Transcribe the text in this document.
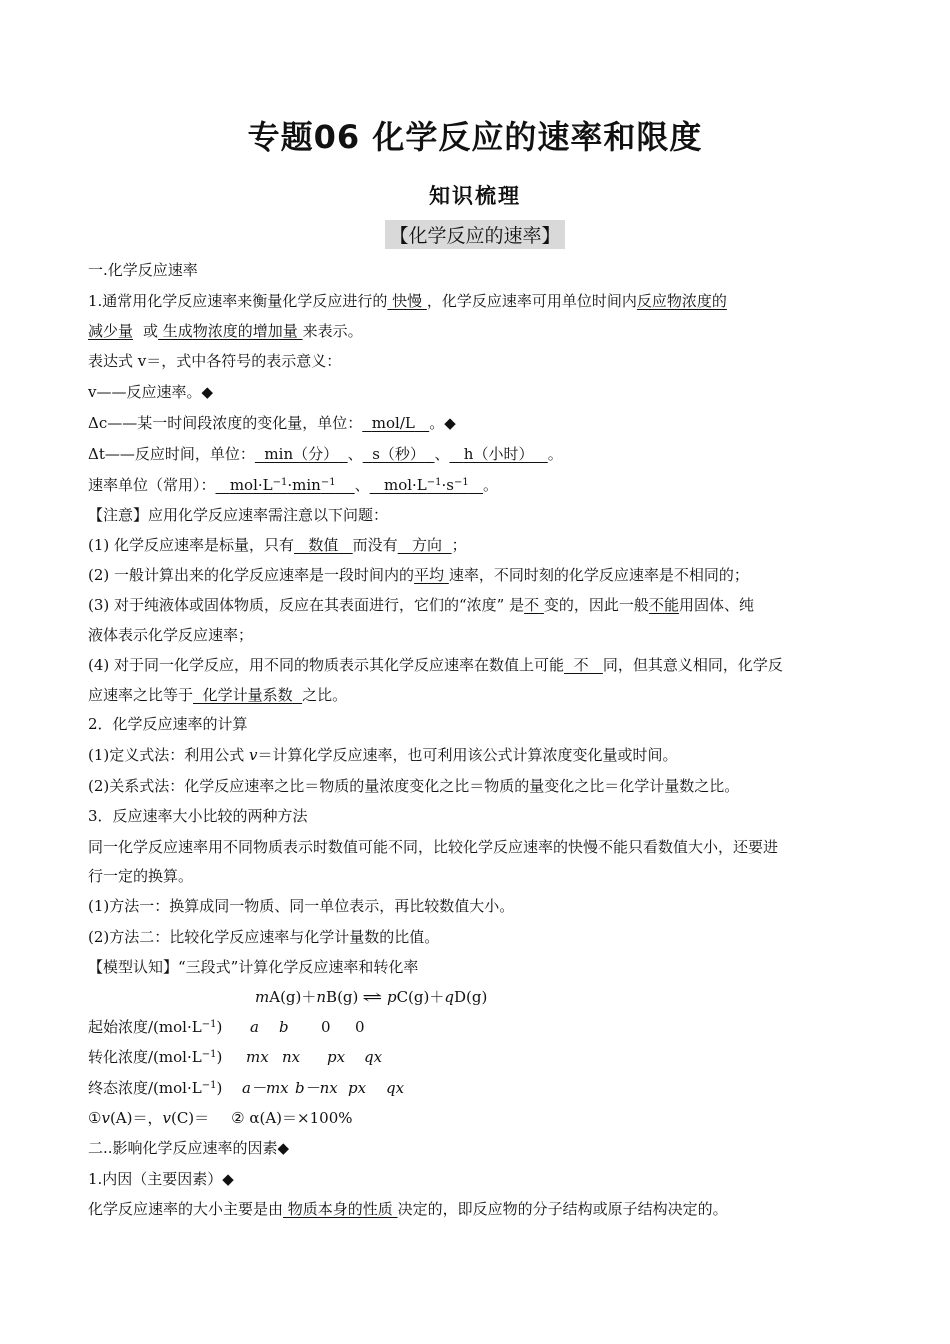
专题06 化学反应的速率和限度
知识梳理
【化学反应的速率】
一.化学反应速率
1.通常用化学反应速率来衡量化学反应进行的 快慢 ，化学反应速率可用单位时间内反应物浓度的
减少量 或 生成物浓度的增加量 来表示。
表达式 v＝，式中各符号的表示意义：
v——反应速率。◆
Δc——某一时间段浓度的变化量，单位： mol/L 。◆
Δt——反应时间，单位： min（分） 、 s（秒） 、 h（小时） 。
速率单位（常用）： $mol\cdot L^{-1}\cdot\min^{-1}$ 、 $mol\cdot L^{-1}\cdot s^{-1}$ 。
【注意】应用化学反应速率需注意以下问题：
(1) 化学反应速率是标量，只有 数值 而没有 方向 ；
(2) 一般计算出来的化学反应速率是一段时间内的平均 速率，不同时刻的化学反应速率是不相同的；
(3) 对于纯液体或固体物质，反应在其表面进行，它们的“浓度” 是不 变的，因此一般不能用固体、纯
液体表示化学反应速率；
(4) 对于同一化学反应，用不同的物质表示其化学反应速率在数值上可能 不 同，但其意义相同，化学反
应速率之比等于 化学计量系数 之比。
2．化学反应速率的计算
(1)定义式法：利用公式 v＝计算化学反应速率，也可利用该公式计算浓度变化量或时间。
(2)关系式法：化学反应速率之比＝物质的量浓度变化之比＝物质的量变化之比＝化学计量数之比。
3．反应速率大小比较的两种方法
同一化学反应速率用不同物质表示时数值可能不同，比较化学反应速率的快慢不能只看数值大小，还要进
行一定的换算。
(1)方法一：换算成同一物质、同一单位表示，再比较数值大小。
(2)方法二：比较化学反应速率与化学计量数的比值。
【模型认知】“三段式”计算化学反应速率和转化率
mA(g)＋nB(g) ⇌ pC(g)＋qD(g)
起始浓度$/(mol\cdot L^{-1})$ a b 0 0
转化浓度$/(mol\cdot L^{-1})$ mx nx px qx
终态浓度$/(mol\cdot L^{-1})$ a－mx b－nx px qx
①v(A)＝，v(C)＝ ② α(A)＝×100%
二..影响化学反应速率的因素◆
1.内因（主要因素）◆
化学反应速率的大小主要是由 物质本身的性质 决定的，即反应物的分子结构或原子结构决定的。
